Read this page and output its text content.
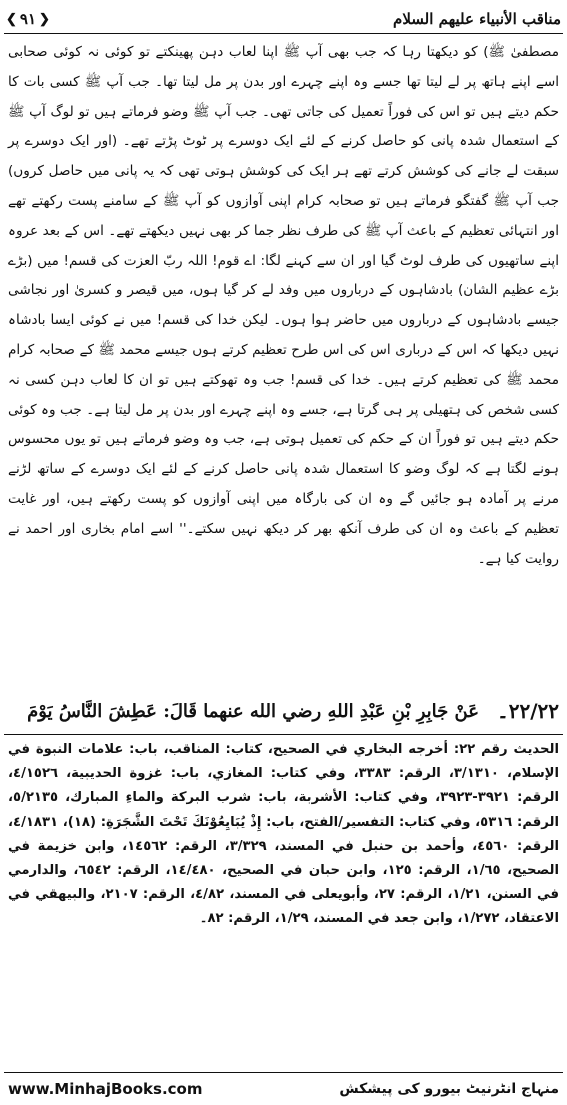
مناقب الأنبياء علیھم السلام
❮ ٩١ ❯

مصطفیٰ ﷺ) کو دیکھتا رہا کہ جب بھی آپ ﷺ اپنا لعاب دہن پھینکتے تو کوئی نہ کوئی صحابی اسے اپنے ہاتھ پر لے لیتا تھا جسے وہ اپنے چہرے اور بدن پر مل لیتا تھا۔ جب آپ ﷺ کسی بات کا حکم دیتے ہیں تو اس کی فوراً تعمیل کی جاتی تھی۔ جب آپ ﷺ وضو فرماتے ہیں تو لوگ آپ ﷺ کے استعمال شدہ پانی کو حاصل کرنے کے لئے ایک دوسرے پر ٹوٹ پڑتے تھے۔ (اور ایک دوسرے پر سبقت لے جانے کی کوشش کرتے تھے ہر ایک کی کوشش ہوتی تھی کہ یہ پانی میں حاصل کروں) جب آپ ﷺ گفتگو فرماتے ہیں تو صحابہ کرام اپنی آوازوں کو آپ ﷺ کے سامنے پست رکھتے تھے اور انتہائی تعظیم کے باعث آپ ﷺ کی طرف نظر جما کر بھی نہیں دیکھتے تھے۔ اس کے بعد عروہ اپنے ساتھیوں کی طرف لوٹ گیا اور ان سے کہنے لگا: اے قوم! اللہ ربّ العزت کی قسم! میں (بڑے بڑے عظیم الشان) بادشاہوں کے درباروں میں وفد لے کر گیا ہوں، میں قیصر و کسریٰ اور نجاشی جیسے بادشاہوں کے درباروں میں حاضر ہوا ہوں۔ لیکن خدا کی قسم! میں نے کوئی ایسا بادشاہ نہیں دیکھا کہ اس کے درباری اس کی اس طرح تعظیم کرتے ہوں جیسے محمد ﷺ کے صحابہ کرام محمد ﷺ کی تعظیم کرتے ہیں۔ خدا کی قسم! جب وہ تھوکتے ہیں تو ان کا لعاب دہن کسی نہ کسی شخص کی ہتھیلی پر ہی گرتا ہے، جسے وہ اپنے چہرے اور بدن پر مل لیتا ہے۔ جب وہ کوئی حکم دیتے ہیں تو فوراً ان کے حکم کی تعمیل ہوتی ہے، جب وہ وضو فرماتے ہیں تو یوں محسوس ہونے لگتا ہے کہ لوگ وضو کا استعمال شدہ پانی حاصل کرنے کے لئے ایک دوسرے کے ساتھ لڑنے مرنے پر آمادہ ہو جائیں گے وہ ان کی بارگاہ میں اپنی آوازوں کو پست رکھتے ہیں، اور غایت تعظیم کے باعث وہ ان کی طرف آنکھ بھر کر دیکھ نہیں سکتے۔'' اسے امام بخاری اور احمد نے روایت کیا ہے۔

٢٢/٢٢۔
عَنْ جَابِرِ بْنِ عَبْدِ اللهِ رضي الله عنهما قَالَ: عَطِشَ النَّاسُ يَوْمَ
الحديث رقم ٢٢: أخرجه البخاري في الصحيح، كتاب: المناقب، باب: علامات النبوة في الإسلام، ٣/١٣١٠، الرقم: ٣٣٨٣، وفي كتاب: المغازي، باب: غزوة الحديبية، ٤/١٥٢٦، الرقم: ٣٩٢١-٣٩٢٣، وفي كتاب: الأشربة، باب: شرب البركة والماءِ المبارك، ٥/٢١٣٥، الرقم: ٥٣١٦، وفي كتاب: التفسير/الفتح، باب: إِذْ يُبَايِعُوْنَكَ تَحْتَ الشَّجَرَةِ: (١٨)، ٤/١٨٣١، الرقم: ٤٥٦٠، وأحمد بن حنبل في المسند، ٣/٣٢٩، الرقم: ١٤٥٦٢، وابن خزيمة في الصحيح، ١/٦٥، الرقم: ١٢٥، وابن حبان في الصحيح، ١٤/٤٨٠، الرقم: ٦٥٤٢، والدارمي في السنن، ١/٢١، الرقم: ٢٧، وأبويعلى في المسند، ٤/٨٢، الرقم: ٢١٠٧، والبيهقي في الاعتقاد، ١/٢٧٢، وابن جعد في المسند، ١/٢٩، الرقم: ٨٢۔
www.MinhajBooks.com	منہاج انٹرنیٹ بیورو کی پیشکش
